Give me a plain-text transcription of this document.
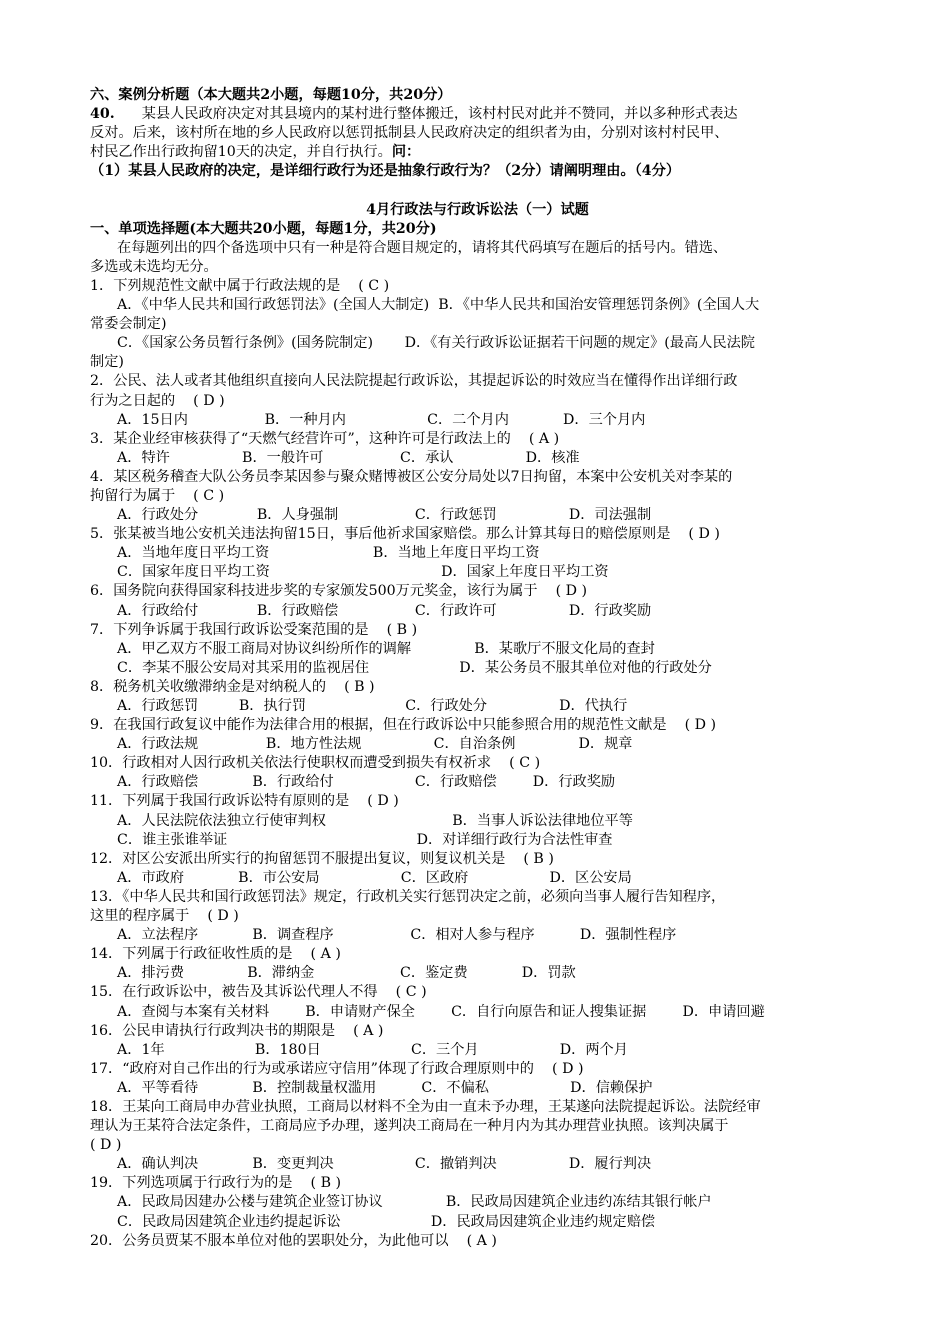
六、案例分析题（本大题共2小题，每题10分，共20分）
40.      某县人民政府决定对其县境内的某村进行整体搬迁，该村村民对此并不赞同，并以多种形式表达
反对。后来，该村所在地的乡人民政府以惩罚抵制县人民政府决定的组织者为由，分别对该村村民甲、
村民乙作出行政拘留10天的决定，并自行执行。问：
（1）某县人民政府的决定，是详细行政行为还是抽象行政行为？（2分）请阐明理由。（4分）
4月行政法与行政诉讼法（一）试题
一、单项选择题(本大题共20小题，每题1分，共20分)
在每题列出的四个备选项中只有一种是符合题目规定的，请将其代码填写在题后的括号内。错选、
多选或未选均无分。
1．下列规范性文献中属于行政法规的是    ( C )
A．《中华人民共和国行政惩罚法》(全国人大制定)  B．《中华人民共和国治安管理惩罚条例》(全国人大
常委会制定)
C．《国家公务员暂行条例》(国务院制定)       D．《有关行政诉讼证据若干问题的规定》(最高人民法院
制定)
2．公民、法人或者其他组织直接向人民法院提起行政诉讼，其提起诉讼的时效应当在懂得作出详细行政
行为之日起的    ( D )
A．15日内                 B．一种月内                  C．二个月内            D．三个月内
3．某企业经审核获得了“天燃气经营许可”，这种许可是行政法上的    ( A )
A．特许                B．一般许可                 C．承认                D．核准
4．某区税务稽查大队公务员李某因参与聚众赌博被区公安分局处以7日拘留，本案中公安机关对李某的
拘留行为属于    ( C )
A．行政处分             B．人身强制                 C．行政惩罚                D．司法强制
5．张某被当地公安机关违法拘留15日，事后他祈求国家赔偿。那么计算其每日的赔偿原则是    ( D )
A．当地年度日平均工资                       B．当地上年度日平均工资
C．国家年度日平均工资                                      D．国家上年度日平均工资
6．国务院向获得国家科技进步奖的专家颁发500万元奖金，该行为属于    ( D )
A．行政给付             B．行政赔偿                 C．行政许可                D．行政奖励
7．下列争诉属于我国行政诉讼受案范围的是    ( B )
A．甲乙双方不服工商局对协议纠纷所作的调解              B．某歌厅不服文化局的查封
C．李某不服公安局对其采用的监视居住                    D．某公务员不服其单位对他的行政处分
8．税务机关收缴滞纳金是对纳税人的    ( B )
A．行政惩罚         B．执行罚                      C．行政处分                D．代执行
9．在我国行政复议中能作为法律合用的根据，但在行政诉讼中只能参照合用的规范性文献是    ( D )
A．行政法规               B．地方性法规                C．自治条例              D．规章
10．行政相对人因行政机关依法行使职权而遭受到损失有权祈求    ( C )
A．行政赔偿            B．行政给付                  C．行政赔偿        D．行政奖励
11．下列属于我国行政诉讼特有原则的是    ( D )
A．人民法院依法独立行使审判权                            B．当事人诉讼法律地位平等
C．谁主张谁举证                                          D．对详细行政行为合法性审查
12．对区公安派出所实行的拘留惩罚不服提出复议，则复议机关是    ( B )
A．市政府            B．市公安局                  C．区政府                  D．区公安局
13．《中华人民共和国行政惩罚法》规定，行政机关实行惩罚决定之前，必须向当事人履行告知程序，
这里的程序属于    ( D )
A．立法程序            B．调查程序                 C．相对人参与程序          D．强制性程序
14．下列属于行政征收性质的是    ( A )
A．排污费              B．滞纳金                   C．鉴定费            D．罚款
15．在行政诉讼中，被告及其诉讼代理人不得    ( C )
A．查阅与本案有关材料        B．申请财产保全        C．自行向原告和证人搜集证据        D．申请回避
16．公民申请执行行政判决书的期限是    ( A )
A．1年                    B．180日                    C．三个月                  D．两个月
17．“政府对自己作出的行为或承诺应守信用”体现了行政合理原则中的    ( D )
A．平等看待            B．控制裁量权滥用          C．不偏私                  D．信赖保护
18．王某向工商局申办营业执照，工商局以材料不全为由一直未予办理，王某遂向法院提起诉讼。法院经审
理认为王某符合法定条件，工商局应予办理，遂判决工商局在一种月内为其办理营业执照。该判决属于
( D )
A．确认判决            B．变更判决                  C．撤销判决                D．履行判决
19．下列选项属于行政行为的是    ( B )
A．民政局因建办公楼与建筑企业签订协议              B．民政局因建筑企业违约冻结其银行帐户
C．民政局因建筑企业违约提起诉讼                    D．民政局因建筑企业违约规定赔偿
20．公务员贾某不服本单位对他的罢职处分，为此他可以    ( A )
